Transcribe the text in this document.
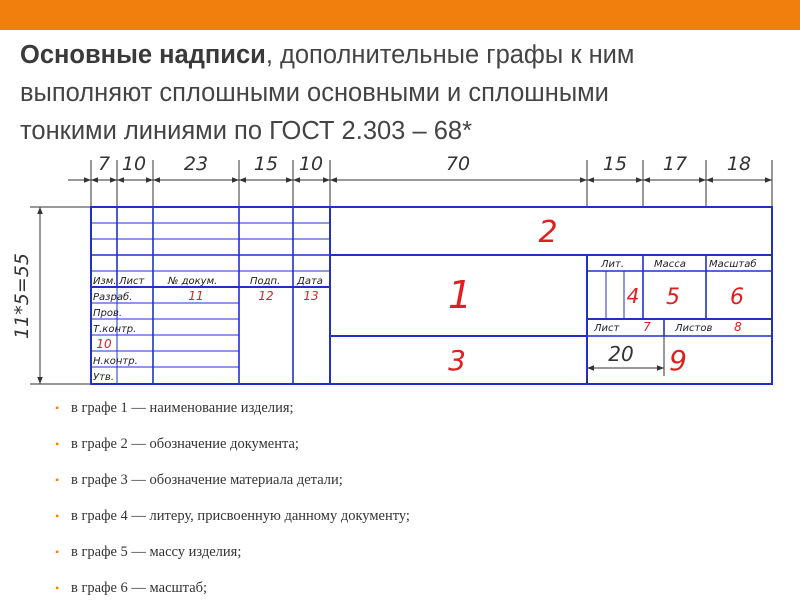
Основные надписи, дополнительные графы к ним
выполняют сплошными основными и сплошными
тонкими линиями по ГОСТ 2.303 – 68*
7 10 23 15 10	70	15 17 18
11*5=55
20
Изм. Лист № докум.	Подп. Дата
Разраб.
Пров.
Т.контр.
Н.контр.
Утв.
Лит.	Масса Масштаб
Лист	Листов
1
2
3
4 5 6
7	8
9
10
11	12 13
• в графе 1 — наименование изделия;
• в графе 2 — обозначение документа;
• в графе 3 — обозначение материала детали;
• в графе 4 — литеру, присвоенную данному документу;
• в графе 5 — массу изделия;
• в графе 6 — масштаб;
